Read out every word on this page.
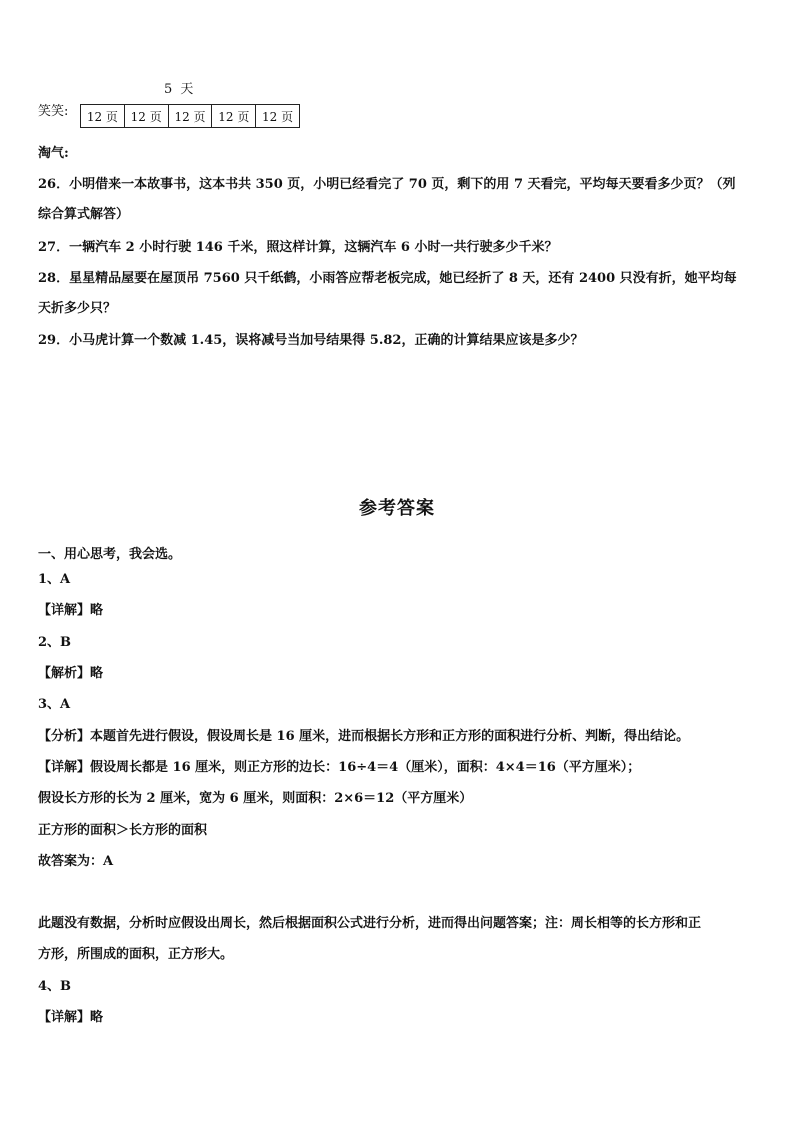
5 天
笑笑:	12 页	12 页	12 页	12 页	12 页
淘气:
26．小明借来一本故事书，这本书共 350 页，小明已经看完了 70 页，剩下的用 7 天看完，平均每天要看多少页？（列
综合算式解答）
27．一辆汽车 2 小时行驶 146 千米，照这样计算，这辆汽车 6 小时一共行驶多少千米？
28．星星精品屋要在屋顶吊 7560 只千纸鹤，小雨答应帮老板完成，她已经折了 8 天，还有 2400 只没有折，她平均每
天折多少只？
29．小马虎计算一个数减 1.45，误将减号当加号结果得 5.82，正确的计算结果应该是多少？
参考答案
一、用心思考，我会选。
1、A
【详解】略
2、B
【解析】略
3、A
【分析】本题首先进行假设，假设周长是 16 厘米，进而根据长方形和正方形的面积进行分析、判断，得出结论。
【详解】假设周长都是 16 厘米，则正方形的边长：16÷4＝4（厘米），面积：4×4＝16（平方厘米）；
假设长方形的长为 2 厘米，宽为 6 厘米，则面积：2×6＝12（平方厘米）
正方形的面积＞长方形的面积
故答案为：A
此题没有数据，分析时应假设出周长，然后根据面积公式进行分析，进而得出问题答案；注：周长相等的长方形和正
方形，所围成的面积，正方形大。
4、B
【详解】略
